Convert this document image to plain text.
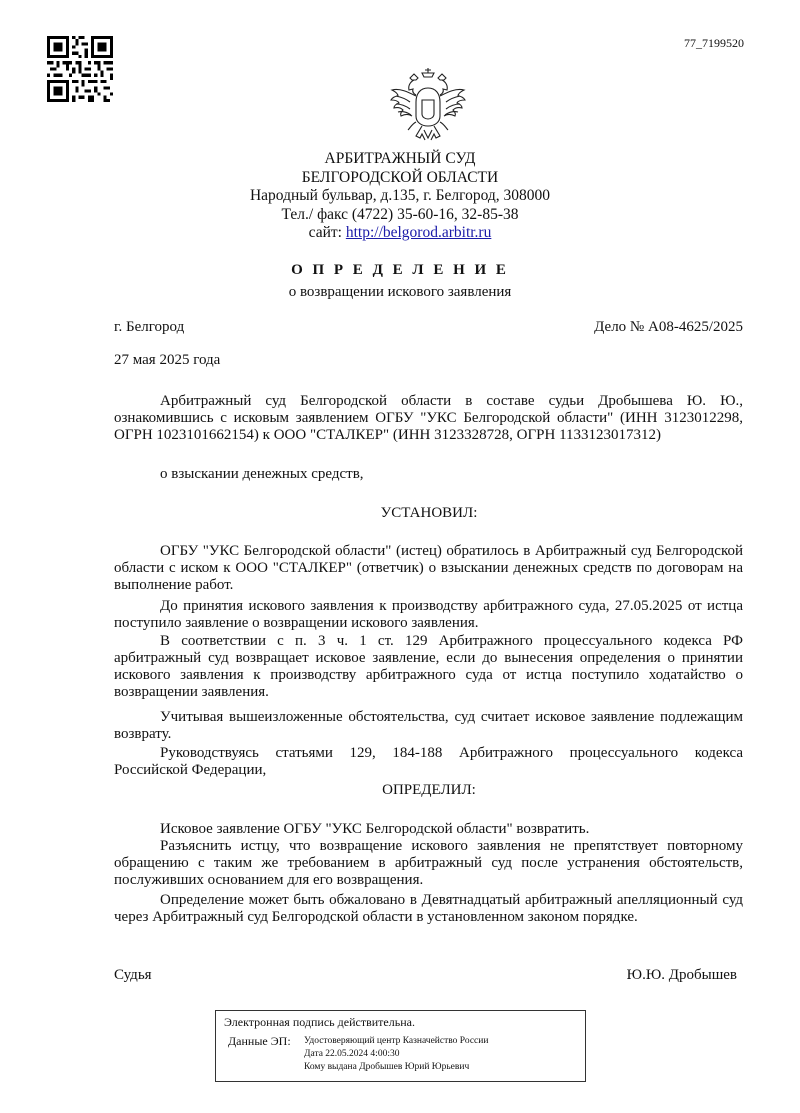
77_7199520
АРБИТРАЖНЫЙ СУД
БЕЛГОРОДСКОЙ ОБЛАСТИ
Народный бульвар, д.135, г. Белгород, 308000
Тел./ факс (4722) 35-60-16, 32-85-38
сайт: http://belgorod.arbitr.ru
О П Р Е Д Е Л Е Н И Е
о возвращении искового заявления
г. Белгород	Дело № А08-4625/2025
27 мая 2025 года
Арбитражный суд Белгородской области в составе судьи Дробышева Ю. Ю., ознакомившись с исковым заявлением ОГБУ "УКС Белгородской области" (ИНН 3123012298, ОГРН 1023101662154) к ООО "СТАЛКЕР" (ИНН 3123328728, ОГРН 1133123017312)
о взыскании денежных средств,
УСТАНОВИЛ:
ОГБУ "УКС Белгородской области" (истец) обратилось в Арбитражный суд Белгородской области с иском к ООО "СТАЛКЕР" (ответчик) о взыскании денежных средств по договорам на выполнение работ.
До принятия искового заявления к производству арбитражного суда, 27.05.2025 от истца поступило заявление о возвращении искового заявления.
В соответствии с п. 3 ч. 1 ст. 129 Арбитражного процессуального кодекса РФ арбитражный суд возвращает исковое заявление, если до вынесения определения о принятии искового заявления к производству арбитражного суда от истца поступило ходатайство о возвращении заявления.
Учитывая вышеизложенные обстоятельства, суд считает исковое заявление подлежащим возврату.
Руководствуясь статьями 129, 184-188 Арбитражного процессуального кодекса Российской Федерации,
ОПРЕДЕЛИЛ:
Исковое заявление ОГБУ "УКС Белгородской области" возвратить.
Разъяснить истцу, что возвращение искового заявления не препятствует повторному обращению с таким же требованием в арбитражный суд после устранения обстоятельств, послуживших основанием для его возвращения.
Определение может быть обжаловано в Девятнадцатый арбитражный апелляционный суд через Арбитражный суд Белгородской области в установленном законом порядке.
Судья	Ю.Ю. Дробышев
Электронная подпись действительна.
Данные ЭП: Удостоверяющий центр Казначейство России
Дата 22.05.2024 4:00:30
Кому выдана Дробышев Юрий Юрьевич
